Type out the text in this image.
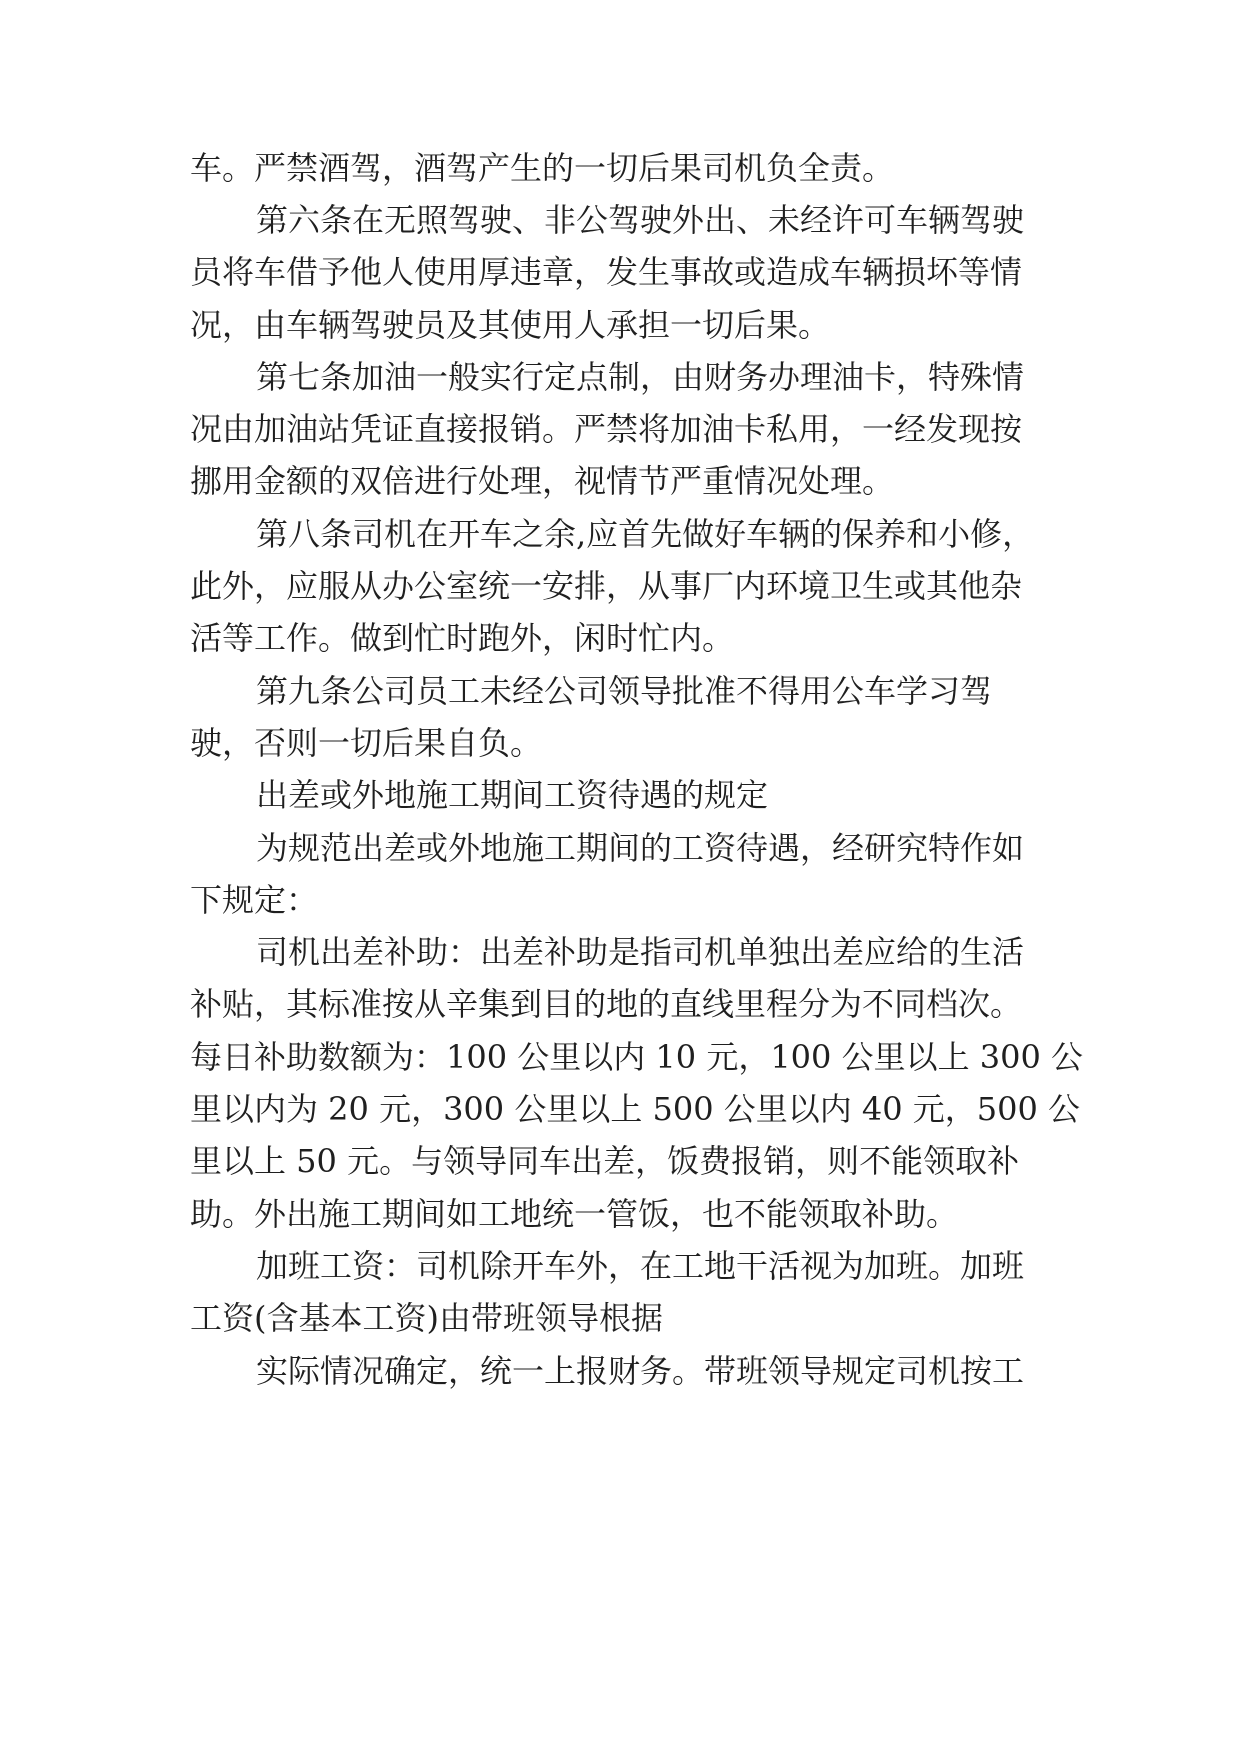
车。严禁酒驾，酒驾产生的一切后果司机负全责。

第六条在无照驾驶、非公驾驶外出、未经许可车辆驾驶

员将车借予他人使用厚违章，发生事故或造成车辆损坏等情

况，由车辆驾驶员及其使用人承担一切后果。

第七条加油一般实行定点制，由财务办理油卡，特殊情

况由加油站凭证直接报销。严禁将加油卡私用，一经发现按

挪用金额的双倍进行处理，视情节严重情况处理。

第八条司机在开车之余,应首先做好车辆的保养和小修，

此外，应服从办公室统一安排，从事厂内环境卫生或其他杂

活等工作。做到忙时跑外，闲时忙内。

第九条公司员工未经公司领导批准不得用公车学习驾

驶，否则一切后果自负。

出差或外地施工期间工资待遇的规定

为规范出差或外地施工期间的工资待遇，经研究特作如

下规定：

司机出差补助：出差补助是指司机单独出差应给的生活

补贴，其标准按从辛集到目的地的直线里程分为不同档次。

每日补助数额为：100 公里以内 10 元，100 公里以上 300 公

里以内为 20 元，300 公里以上 500 公里以内 40 元，500 公

里以上 50 元。与领导同车出差，饭费报销，则不能领取补

助。外出施工期间如工地统一管饭，也不能领取补助。

加班工资：司机除开车外，在工地干活视为加班。加班

工资(含基本工资)由带班领导根据

实际情况确定，统一上报财务。带班领导规定司机按工
